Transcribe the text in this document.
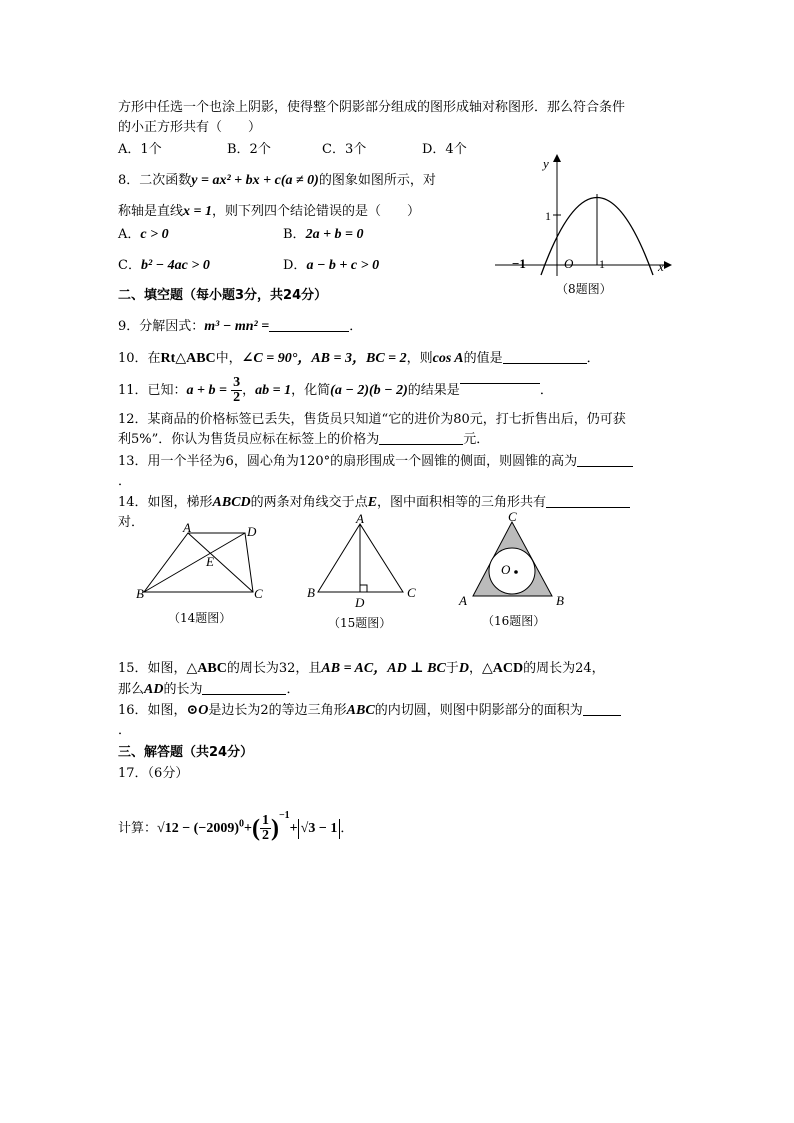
方形中任选一个也涂上阴影，使得整个阴影部分组成的图形成轴对称图形．那么符合条件
的小正方形共有（　　）
A．1个	B．2个	C．3个	D．4个
8．二次函数y = ax² + bx + c(a ≠ 0)的图象如图所示，对
称轴是直线x = 1，则下列四个结论错误的是（　　）
A．c > 0	B．2a + b = 0
C．b² − 4ac > 0	D．a − b + c > 0
y
x
O
1
1
−1
（8题图）
二、填空题（每小题3分，共24分）
9．分解因式：m³ − mn² =	．
10．在Rt△ABC中，∠C = 90°，AB = 3，BC = 2，则cos A的值是	．
11．已知：$a + b = \frac{3}{2}$ ，ab = 1，化简(a − 2)(b − 2)的结果是	．
12．某商品的价格标签已丢失，售货员只知道“它的进价为80元，打七折售出后，仍可获
利5%”．你认为售货员应标在标签上的价格为	元．
13．用一个半径为6，圆心角为120°的扇形围成一个圆锥的侧面，则圆锥的高为
．
14．如图，梯形ABCD的两条对角线交于点E，图中面积相等的三角形共有
对．	A	D
B	C
E
（14题图）
A
B	C
D
（15题图）
C
A	B
O
（16题图）
15．如图，△ABC的周长为32，且AB = AC，AD ⊥ BC于D，△ACD的周长为24，
那么AD的长为	．
16．如图，⊙O是边长为2的等边三角形ABC的内切圆，则图中阴影部分的面积为
．
三、解答题（共24分）
17．（6分）
计算：$√12 - (-2009)^0+( \frac{1}{2} )^{-1}+ √3 - 1$ ．
